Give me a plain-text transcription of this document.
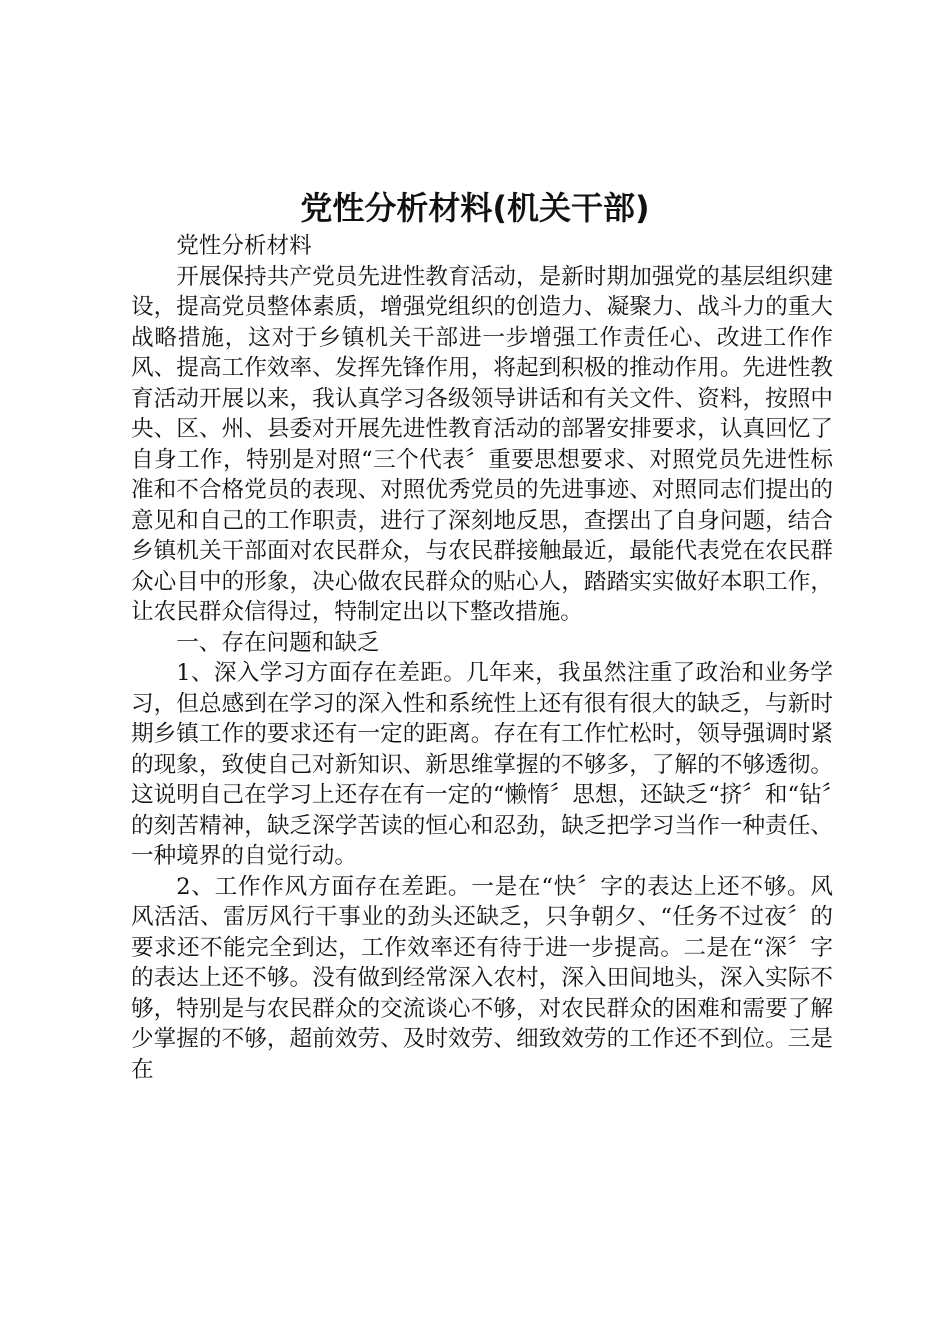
党性分析材料(机关干部)

党性分析材料

开展保持共产党员先进性教育活动，是新时期加强党的基层组织建设，提高党员整体素质，增强党组织的创造力、凝聚力、战斗力的重大战略措施，这对于乡镇机关干部进一步增强工作责任心、改进工作作风、提高工作效率、发挥先锋作用，将起到积极的推动作用。先进性教育活动开展以来，我认真学习各级领导讲话和有关文件、资料，按照中央、区、州、县委对开展先进性教育活动的部署安排要求，认真回忆了自身工作，特别是对照“三个代表〞重要思想要求、对照党员先进性标准和不合格党员的表现、对照优秀党员的先进事迹、对照同志们提出的意见和自己的工作职责，进行了深刻地反思，查摆出了自身问题，结合乡镇机关干部面对农民群众，与农民群接触最近，最能代表党在农民群众心目中的形象，决心做农民群众的贴心人，踏踏实实做好本职工作，让农民群众信得过，特制定出以下整改措施。

一、存在问题和缺乏

1、深入学习方面存在差距。几年来，我虽然注重了政治和业务学习，但总感到在学习的深入性和系统性上还有很有很大的缺乏，与新时期乡镇工作的要求还有一定的距离。存在有工作忙松时，领导强调时紧的现象，致使自己对新知识、新思维掌握的不够多，了解的不够透彻。这说明自己在学习上还存在有一定的“懒惰〞思想，还缺乏“挤〞和“钻〞的刻苦精神，缺乏深学苦读的恒心和忍劲，缺乏把学习当作一种责任、一种境界的自觉行动。

2、工作作风方面存在差距。一是在“快〞字的表达上还不够。风风活活、雷厉风行干事业的劲头还缺乏，只争朝夕、“任务不过夜〞的要求还不能完全到达，工作效率还有待于进一步提高。二是在“深〞字的表达上还不够。没有做到经常深入农村，深入田间地头，深入实际不够，特别是与农民群众的交流谈心不够，对农民群众的困难和需要了解少掌握的不够，超前效劳、及时效劳、细致效劳的工作还不到位。三是在
